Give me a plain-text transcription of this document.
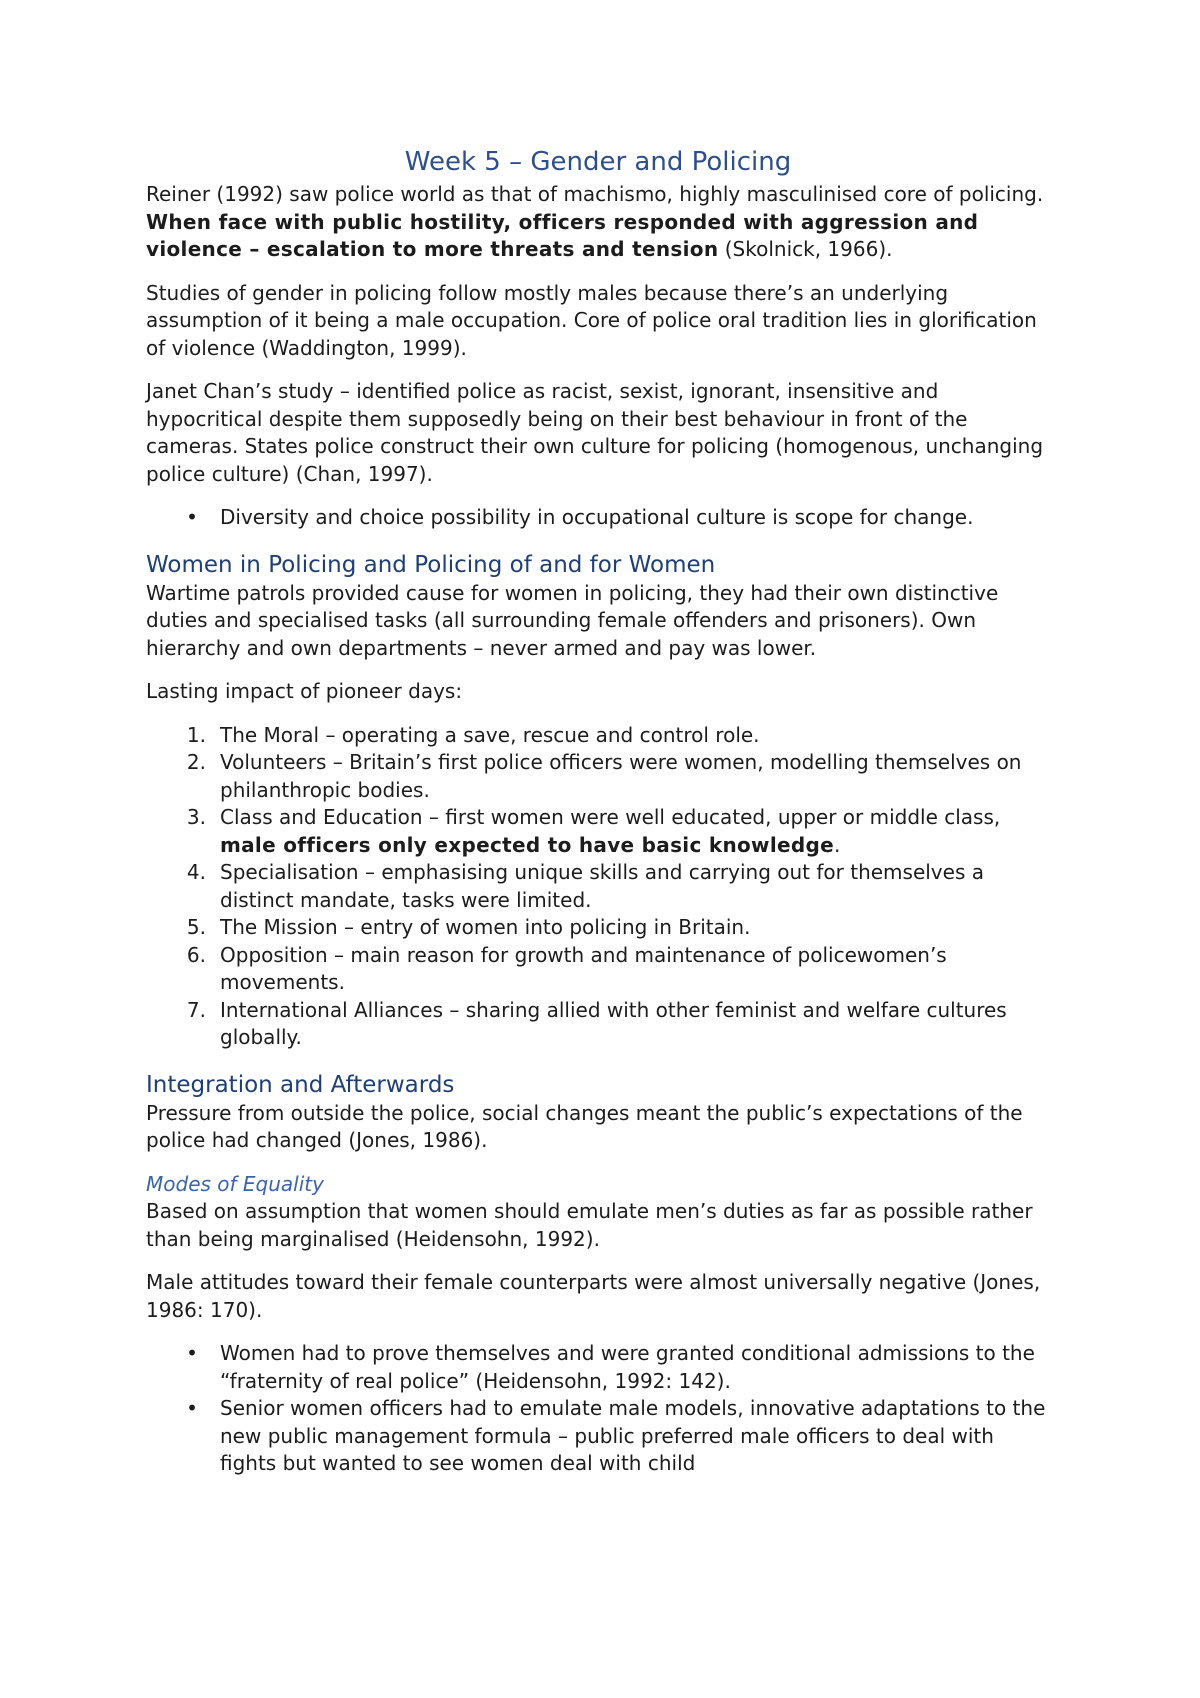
Week 5 – Gender and Policing

Reiner (1992) saw police world as that of machismo, highly masculinised core of policing. When face with public hostility, officers responded with aggression and violence – escalation to more threats and tension (Skolnick, 1966).

Studies of gender in policing follow mostly males because there’s an underlying assumption of it being a male occupation. Core of police oral tradition lies in glorification of violence (Waddington, 1999).

Janet Chan’s study – identified police as racist, sexist, ignorant, insensitive and hypocritical despite them supposedly being on their best behaviour in front of the cameras. States police construct their own culture for policing (homogenous, unchanging police culture) (Chan, 1997).

• Diversity and choice possibility in occupational culture is scope for change.
Women in Policing and Policing of and for Women

Wartime patrols provided cause for women in policing, they had their own distinctive duties and specialised tasks (all surrounding female offenders and prisoners). Own hierarchy and own departments – never armed and pay was lower.

Lasting impact of pioneer days:

1. The Moral – operating a save, rescue and control role.
2. Volunteers – Britain’s first police officers were women, modelling themselves on philanthropic bodies.
3. Class and Education – first women were well educated, upper or middle class, male officers only expected to have basic knowledge.
4. Specialisation – emphasising unique skills and carrying out for themselves a distinct mandate, tasks were limited.
5. The Mission – entry of women into policing in Britain.
6. Opposition – main reason for growth and maintenance of policewomen’s movements.
7. International Alliances – sharing allied with other feminist and welfare cultures globally.
Integration and Afterwards

Pressure from outside the police, social changes meant the public’s expectations of the police had changed (Jones, 1986).

Modes of Equality

Based on assumption that women should emulate men’s duties as far as possible rather than being marginalised (Heidensohn, 1992).

Male attitudes toward their female counterparts were almost universally negative (Jones, 1986: 170).

• Women had to prove themselves and were granted conditional admissions to the “fraternity of real police” (Heidensohn, 1992: 142).
• Senior women officers had to emulate male models, innovative adaptations to the new public management formula – public preferred male officers to deal with fights but wanted to see women deal with child
